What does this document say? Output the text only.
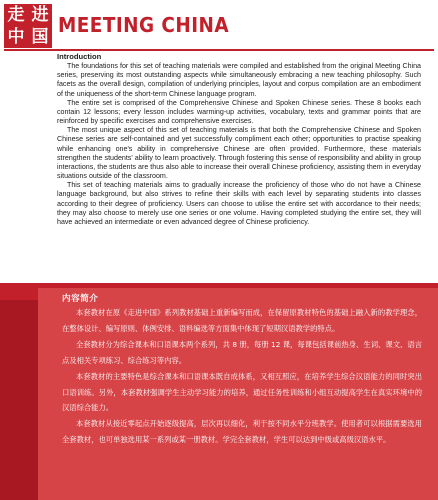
走 进
中 国 MEETING CHINA
Introduction

The foundations for this set of teaching materials were compiled and established from the original Meeting China series, preserving its most outstanding aspects while simultaneously embracing a new teaching philosophy. Such facets as the overall design, compilation of underlying principles, layout and corpus compilation are an embodiment of the uniqueness of the short-term Chinese language program.

The entire set is comprised of the Comprehensive Chinese and Spoken Chinese series. These 8 books each contain 12 lessons; every lesson includes warming-up activities, vocabulary, texts and grammar points that are reinforced by specific exercises and comprehensive exercises.

The most unique aspect of this set of teaching materials is that both the Comprehensive Chinese and Spoken Chinese series are self-contained and yet successfully compliment each other; opportunities to practise speaking while enhancing one's ability in comprehensive Chinese are often provided. Furthermore, these materials strengthen the students' ability to learn proactively. Through fostering this sense of responsibility and ability in group interactions, the students are thus also able to increase their overall Chinese proficiency, assisting them in everyday situations outside of the classroom.

This set of teaching materials aims to gradually increase the proficiency of those who do not have a Chinese language background, but also strives to refine their skills with each level by separating students into classes according to their degree of proficiency. Users can choose to utilise the entire set with accordance to their needs; they may also choose to merely use one series or one volume. Having completed studying the entire set, they will have achieved an intermediate or even advanced degree of Chinese proficiency.

内容简介

本套教材在原《走进中国》系列教材基础上重新编写而成，在保留原教材特色的基础上融入新的教学理念，在整体设计、编写原则、体例安排、语料编选等方面集中体现了短期汉语教学的特点。

全套教材分为综合课本和口语课本两个系列，共 8 册，每册 12 课，每课包括课前热身、生词、课文、语言点及相关专项练习、综合练习等内容。

本套教材的主要特色是综合课本和口语课本既自成体系，又相互照应，在培养学生综合汉语能力的同时突出口语训练。另外，本套教材强调学生主动学习能力的培养，通过任务性训练和小组互动提高学生在真实环境中的汉语综合能力。

本套教材从接近零起点开始逐级提高，层次再以细化，利于按不同水平分班教学。使用者可以根据需要选用全套教材，也可单独选用某一系列或某一册教材。学完全套教材，学生可以达到中级或高级汉语水平。
